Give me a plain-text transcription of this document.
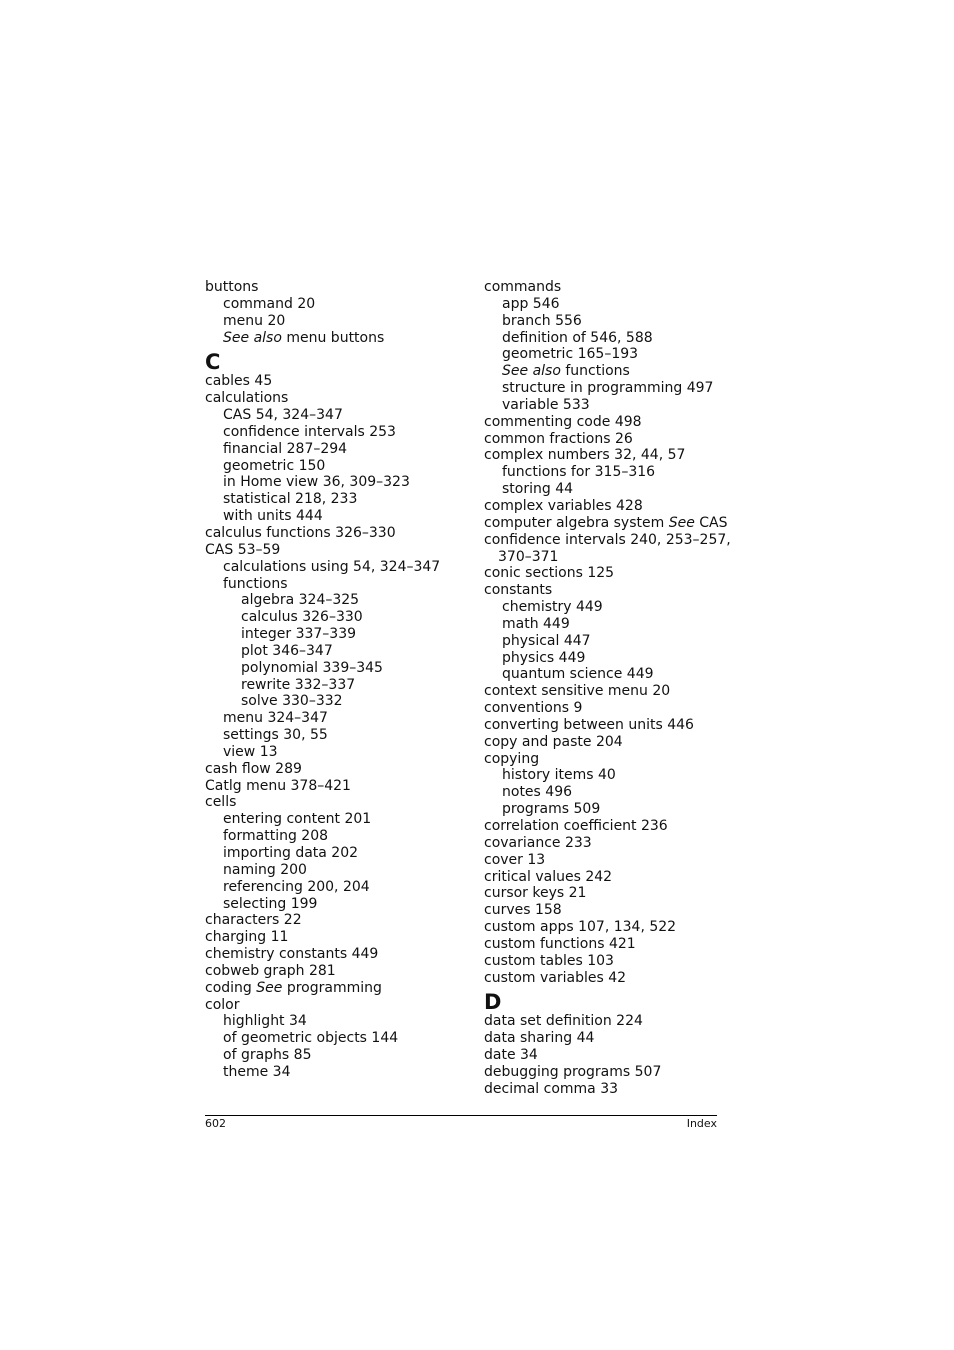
buttons
command 20
menu 20
See also menu buttons
C
cables 45
calculations
CAS 54, 324–347
confidence intervals 253
financial 287–294
geometric 150
in Home view 36, 309–323
statistical 218, 233
with units 444
calculus functions 326–330
CAS 53–59
calculations using 54, 324–347
functions
algebra 324–325
calculus 326–330
integer 337–339
plot 346–347
polynomial 339–345
rewrite 332–337
solve 330–332
menu 324–347
settings 30, 55
view 13
cash flow 289
Catlg menu 378–421
cells
entering content 201
formatting 208
importing data 202
naming 200
referencing 200, 204
selecting 199
characters 22
charging 11
chemistry constants 449
cobweb graph 281
coding See programming
color
highlight 34
of geometric objects 144
of graphs 85
theme 34
commands
app 546
branch 556
definition of 546, 588
geometric 165–193
See also functions
structure in programming 497
variable 533
commenting code 498
common fractions 26
complex numbers 32, 44, 57
functions for 315–316
storing 44
complex variables 428
computer algebra system See CAS
confidence intervals 240, 253–257,
370–371
conic sections 125
constants
chemistry 449
math 449
physical 447
physics 449
quantum science 449
context sensitive menu 20
conventions 9
converting between units 446
copy and paste 204
copying
history items 40
notes 496
programs 509
correlation coefficient 236
covariance 233
cover 13
critical values 242
cursor keys 21
curves 158
custom apps 107, 134, 522
custom functions 421
custom tables 103
custom variables 42
D
data set definition 224
data sharing 44
date 34
debugging programs 507
decimal comma 33
602	Index
